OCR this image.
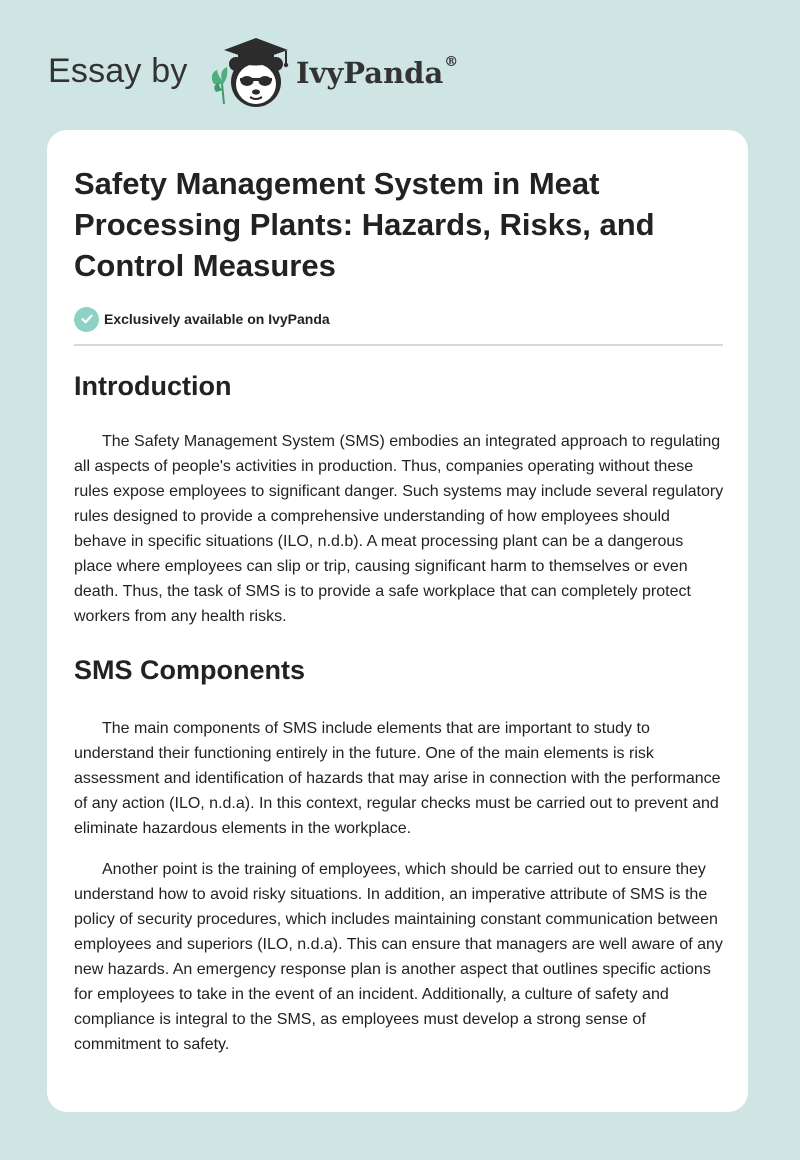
Essay by	IvyPanda®
Safety Management System in Meat Processing Plants: Hazards, Risks, and Control Measures
Exclusively available on IvyPanda
Introduction

The Safety Management System (SMS) embodies an integrated approach to regulating all aspects of people's activities in production. Thus, companies operating without these rules expose employees to significant danger. Such systems may include several regulatory rules designed to provide a comprehensive understanding of how employees should behave in specific situations (ILO, n.d.b). A meat processing plant can be a dangerous place where employees can slip or trip, causing significant harm to themselves or even death. Thus, the task of SMS is to provide a safe workplace that can completely protect workers from any health risks.

SMS Components

The main components of SMS include elements that are important to study to understand their functioning entirely in the future. One of the main elements is risk assessment and identification of hazards that may arise in connection with the performance of any action (ILO, n.d.a). In this context, regular checks must be carried out to prevent and eliminate hazardous elements in the workplace.

Another point is the training of employees, which should be carried out to ensure they understand how to avoid risky situations. In addition, an imperative attribute of SMS is the policy of security procedures, which includes maintaining constant communication between employees and superiors (ILO, n.d.a). This can ensure that managers are well aware of any new hazards. An emergency response plan is another aspect that outlines specific actions for employees to take in the event of an incident. Additionally, a culture of safety and compliance is integral to the SMS, as employees must develop a strong sense of commitment to safety.
